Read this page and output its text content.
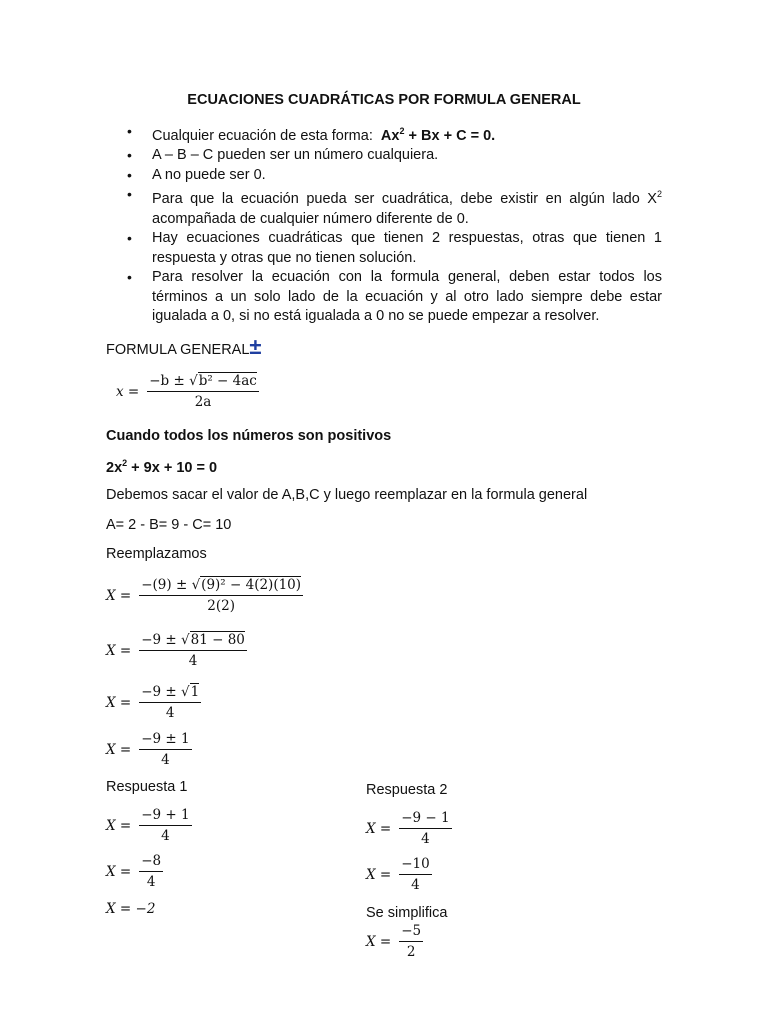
ECUACIONES CUADRÁTICAS POR FORMULA GENERAL
• Cualquier ecuación de esta forma: $Ax^2 + Bx + C = 0$.
• A – B – C pueden ser un número cualquiera.
• A no puede ser 0.
• Para que la ecuación pueda ser cuadrática, debe existir en algún lado $X^2$ acompañada de cualquier número diferente de 0.
• Hay ecuaciones cuadráticas que tienen 2 respuestas, otras que tienen 1 respuesta y otras que no tienen solución.
• Para resolver la ecuación con la formula general, deben estar todos los términos a un solo lado de la ecuación y al otro lado siempre debe estar igualada a 0, si no está igualada a 0 no se puede empezar a resolver.
FORMULA GENERAL±
$x = \frac{\text{−b ± √b² − 4ac}}{2a}$
Cuando todos los números son positivos
$2x^2 + 9x + 10 = 0$
Debemos sacar el valor de A,B,C y luego reemplazar en la formula general
A= 2 - B= 9 - C= 10
Reemplazamos
$X = \frac{\text{−(9) ± √(9)² − 4(2)(10)}}{2(2)}$
$X = \frac{-9 \pm √81 - 80}{4}$
$X = \frac{-9 \pm √1}{4}$
$X = \frac{-9 \pm 1}{4}$
Respuesta 1
$X = \frac{-9 + 1}{4}$
$X = \frac{-8}{4}$
X = −2
Respuesta 2
$X = \frac{-9 - 1}{4}$
$X = \frac{-10}{4}$
Se simplifica
$X = \frac{-5}{2}$
